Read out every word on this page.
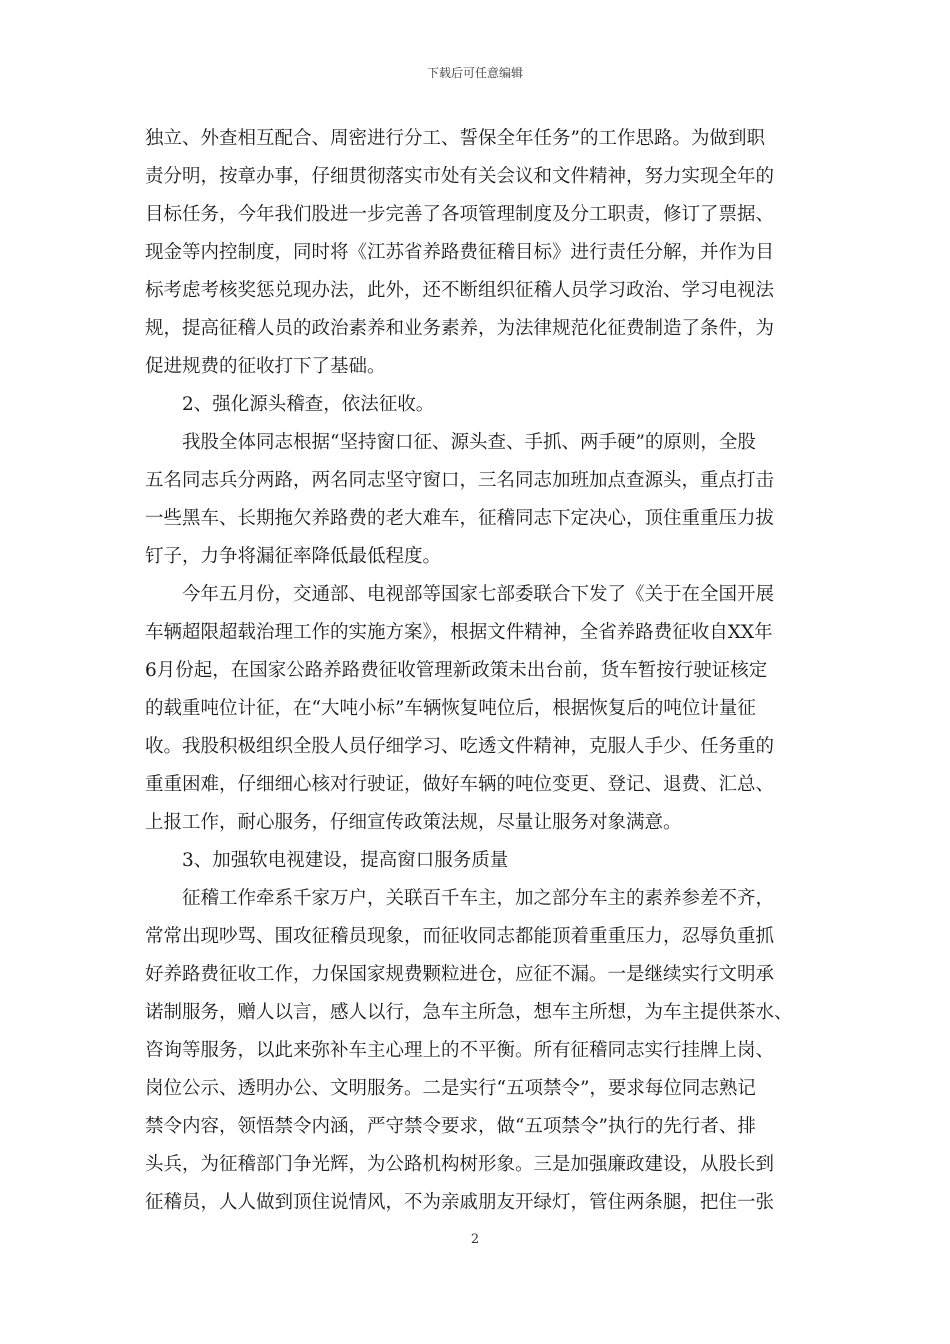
下载后可任意编辑
独立、外查相互配合、周密进行分工、誓保全年任务”的工作思路。为做到职
责分明，按章办事，仔细贯彻落实市处有关会议和文件精神，努力实现全年的
目标任务，今年我们股进一步完善了各项管理制度及分工职责，修订了票据、
现金等内控制度，同时将《江苏省养路费征稽目标》进行责任分解，并作为目
标考虑考核奖惩兑现办法，此外，还不断组织征稽人员学习政治、学习电视法
规，提高征稽人员的政治素养和业务素养，为法律规范化征费制造了条件，为
促进规费的征收打下了基础。
2、强化源头稽查，依法征收。
我股全体同志根据“坚持窗口征、源头查、手抓、两手硬”的原则，全股
五名同志兵分两路，两名同志坚守窗口，三名同志加班加点查源头，重点打击
一些黑车、长期拖欠养路费的老大难车，征稽同志下定决心，顶住重重压力拔
钉子，力争将漏征率降低最低程度。
今年五月份，交通部、电视部等国家七部委联合下发了《关于在全国开展
车辆超限超载治理工作的实施方案》，根据文件精神，全省养路费征收自XX年
6月份起，在国家公路养路费征收管理新政策未出台前，货车暂按行驶证核定
的载重吨位计征，在“大吨小标”车辆恢复吨位后，根据恢复后的吨位计量征
收。我股积极组织全股人员仔细学习、吃透文件精神，克服人手少、任务重的
重重困难，仔细细心核对行驶证，做好车辆的吨位变更、登记、退费、汇总、
上报工作，耐心服务，仔细宣传政策法规，尽量让服务对象满意。
3、加强软电视建设，提高窗口服务质量
征稽工作牵系千家万户，关联百千车主，加之部分车主的素养参差不齐，
常常出现吵骂、围攻征稽员现象，而征收同志都能顶着重重压力，忍辱负重抓
好养路费征收工作，力保国家规费颗粒进仓，应征不漏。一是继续实行文明承
诺制服务，赠人以言，感人以行，急车主所急，想车主所想，为车主提供茶水、
咨询等服务，以此来弥补车主心理上的不平衡。所有征稽同志实行挂牌上岗、
岗位公示、透明办公、文明服务。二是实行“五项禁令”，要求每位同志熟记
禁令内容，领悟禁令内涵，严守禁令要求，做“五项禁令”执行的先行者、排
头兵，为征稽部门争光辉，为公路机构树形象。三是加强廉政建设，从股长到
征稽员，人人做到顶住说情风，不为亲戚朋友开绿灯，管住两条腿，把住一张
2
